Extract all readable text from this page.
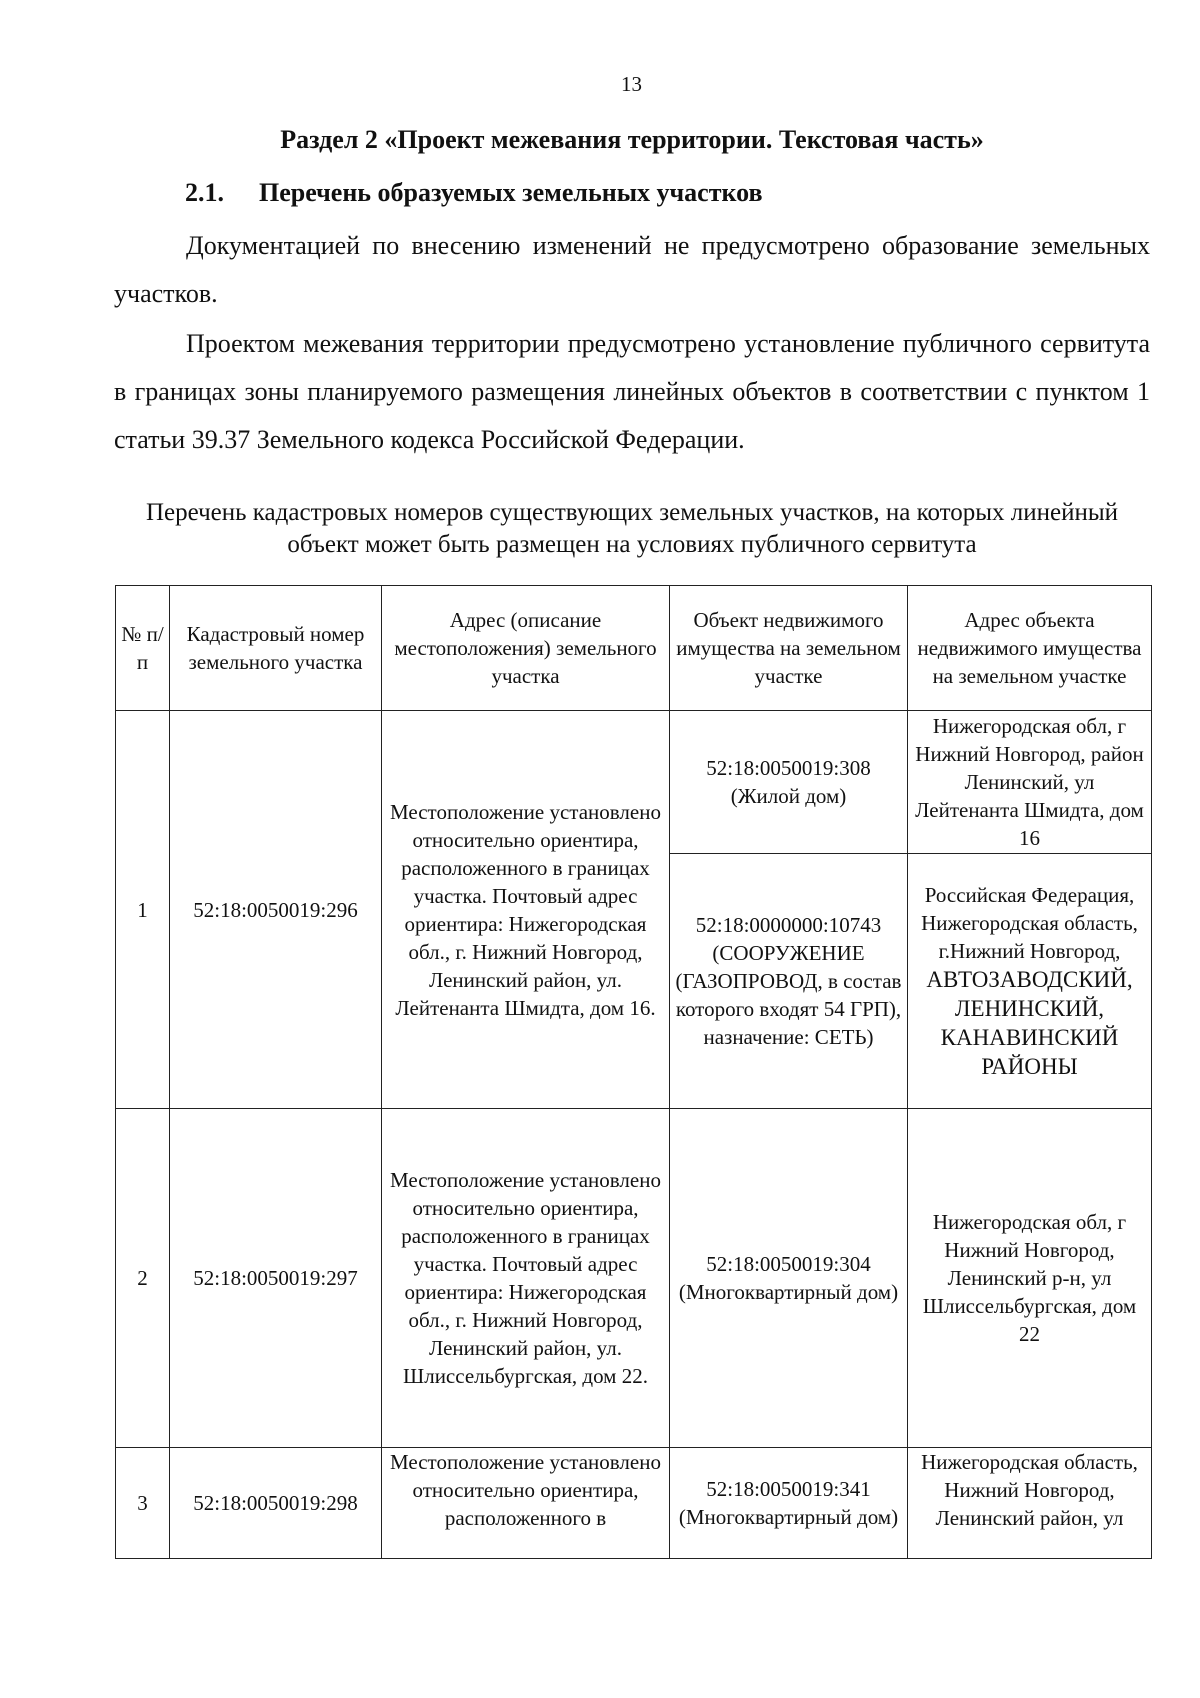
13
Раздел 2 «Проект межевания территории. Текстовая часть»
2.1. Перечень образуемых земельных участков

Документацией по внесению изменений не предусмотрено образование земельных участков.

Проектом межевания территории предусмотрено установление публичного сервитута в границах зоны планируемого размещения линейных объектов в соответствии с пунктом 1 статьи 39.37 Земельного кодекса Российской Федерации.

Перечень кадастровых номеров существующих земельных участков, на которых линейный объект может быть размещен на условиях публичного сервитута
№ п/п	Кадастровый номер земельного участка	Адрес (описание местоположения) земельного участка	Объект недвижимого имущества на земельном участке	Адрес объекта недвижимого имущества на земельном участке
1	52:18:0050019:296	Местоположение установлено относительно ориентира, расположенного в границах участка. Почтовый адрес ориентира: Нижегородская обл., г. Нижний Новгород, Ленинский район, ул. Лейтенанта Шмидта, дом 16.	52:18:0050019:308 (Жилой дом)	Нижегородская обл, г Нижний Новгород, район Ленинский, ул Лейтенанта Шмидта, дом 16
			52:18:0000000:10743 (СООРУЖЕНИЕ (ГАЗОПРОВОД, в состав которого входят 54 ГРП), назначение: СЕТЬ)	Российская Федерация, Нижегородская область, г.Нижний Новгород, АВТОЗАВОДСКИЙ, ЛЕНИНСКИЙ, КАНАВИНСКИЙ РАЙОНЫ
2	52:18:0050019:297	Местоположение установлено относительно ориентира, расположенного в границах участка. Почтовый адрес ориентира: Нижегородская обл., г. Нижний Новгород, Ленинский район, ул. Шлиссельбургская, дом 22.	52:18:0050019:304 (Многоквартирный дом)	Нижегородская обл, г Нижний Новгород, Ленинский р-н, ул Шлиссельбургская, дом 22
3	52:18:0050019:298	Местоположение установлено относительно ориентира, расположенного в	52:18:0050019:341 (Многоквартирный дом)	Нижегородская область, Нижний Новгород, Ленинский район, ул
